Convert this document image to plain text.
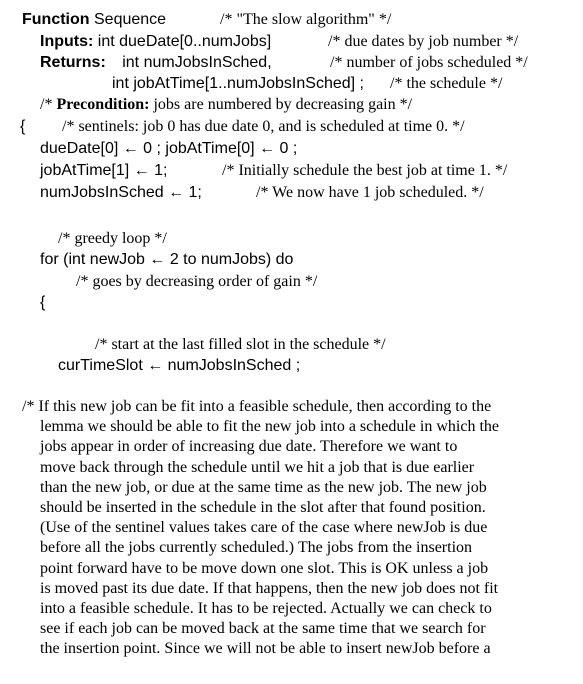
Function Sequence	/* "The slow algorithm" */
Inputs: int dueDate[0..numJobs]	/* due dates by job number */
Returns: int numJobsInSched,	/* number of jobs scheduled */
int jobAtTime[1..numJobsInSched] ; /* the schedule */
/* Precondition: jobs are numbered by decreasing gain */
{ /* sentinels: job 0 has due date 0, and is scheduled at time 0. */
dueDate[0] ← 0 ; jobAtTime[0] ← 0 ;
jobAtTime[1] ← 1;	/* Initially schedule the best job at time 1. */
numJobsInSched ← 1;	/* We now have 1 job scheduled. */
/* greedy loop */
for (int newJob ← 2 to numJobs) do
/* goes by decreasing order of gain */
{
/* start at the last filled slot in the schedule */
curTimeSlot ← numJobsInSched ;
/* If this new job can be fit into a feasible schedule, then according to the
lemma we should be able to fit the new job into a schedule in which the
jobs appear in order of increasing due date. Therefore we want to
move back through the schedule until we hit a job that is due earlier
than the new job, or due at the same time as the new job. The new job
should be inserted in the schedule in the slot after that found position.
(Use of the sentinel values takes care of the case where newJob is due
before all the jobs currently scheduled.) The jobs from the insertion
point forward have to be move down one slot. This is OK unless a job
is moved past its due date. If that happens, then the new job does not fit
into a feasible schedule. It has to be rejected. Actually we can check to
see if each job can be moved back at the same time that we search for
the insertion point. Since we will not be able to insert newJob before a
